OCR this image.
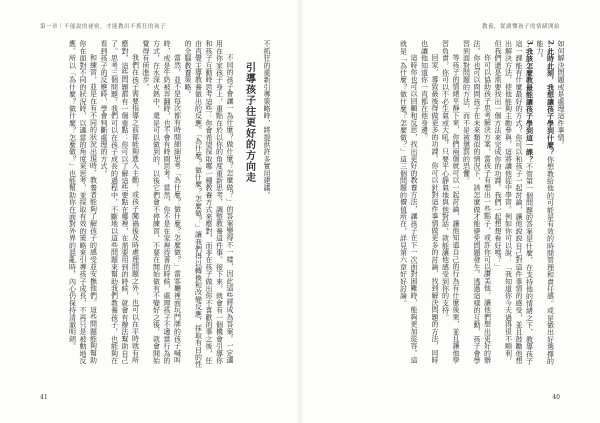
第一章｜不能說的祕密，才能教出不抓狂的孩子

不抓狂的重新引導策略時，將提供許多實用建議。

引導孩子往更好的方向走

不同的孩子會讓一為什麼？做什麼？怎麼做？」的答案變得不一樣，因此這些將成為答案。一定適用在你家孩子身上，重點在於以你的角度重新思考，調整教養這件事。接下來，就會有一個機會引導你和孩子互動時思考這些：你會希望採取哪一種教養方式來應對，而非在孩子做出你不喜歡的事之後，任由直覺主導教養做出的反應。「為什麼？做什麼？怎麼做？」讓我們得以轉換和改變反應，採取有目的性的全腦教養策略。

當然，並不是每次都有時間細細思考「為什麼？做什麼？怎麼做？」當客廳裡面玩鬥牌的孩子喊叫時，或是牛奶被弄翻時，也不會有時間思考。當然，你不是在家裡待著的時候，處理孩子不適當行為的方式，在水深火熱中，還是可以做到的，以後它們會不停練習，不要在開始做有不變好之後，就會開始覺得有所進步。

我們在孩子需要指導之前都能夠進入主動，或孩子闖禍後及時處理問題之外，也可以在平時就有所應對，這些問題都有一個重點：你可以了解這些要點在哪裡，在需要用到的時候，就會有辦法幫助自己了。思考三個問題，我們可以在孩子成長的過程中，不斷地以這些問題來幫助我們教養孩子，也能夠在看到孩子的反應時，學會判斷處理的方式。

和練習，並是在有不同的狀況出現時，教養者能夠了解孩子的感受並安撫他們。這些問題能夠幫助你在面對不同的狀況時，以適當的角度來思考，並採取有效的策略來引導孩子成長，不再只是被動地反應。所以「為什麼？做什麼？怎麼做？」也能幫助你在面對外界的混亂時，內心仍保持清澈明朗。

41
教養，從讀懂孩子的情緒開始

如何解決問題或是處理這件事情。

2.此時此刻，我想讓孩子學到什麼？你想教給他的可能是有效的時間管理和責任感。或是做出好選擇的能力。

3.我該怎麼教最能讓孩子學到這一課？不管第一個問題的答案是什麼，在支持他的情緒之下，教導孩子這一課能有什麼最好的方式？你可以和孩子一起討論，讓他說說自己對這件事情的感受，並且鼓勵他想出解決方法，使他能夠主動參與，這將讓他從中學習。例如你可以說：「我知道你今天過得很不順利，但我們還是需要找出一個方法來完成你的功課。我們一起想想看好嗎？」

你可以協助孩子思考解決方案，當孩子有想出一些點子，或許你可以讚美他，讓他們想出更好的辦法。你也可以問問孩子在未來類似的情況下，該怎麼做才能避免問題發生。透過這樣的互動，孩子會學習到面對問題的方法，而不是被懲罰的恐懼。

等孩子的情緒平靜下來，你們兩個就可以一起討論，讓他知道自己的行為有什麼後果，並且讓他學習負責。你可以不必生氣或大吼，只要平心靜氣地與他對話，就能讓他感受到你的支持。

回家，導致最後得做更多的功課。你可以針對這件事情做更多的討論，找到解決問題的方法，同時也讓他知道你一直都在他身邊。

這時你也可以回顧和反思，找出更好的教養方法，讓孩子在下一次面對困難時，能夠更加從容。這就是「為什麼？做什麼？怎麼做？」這三個問題的價值所在，詳見第六章好好討論。

40
